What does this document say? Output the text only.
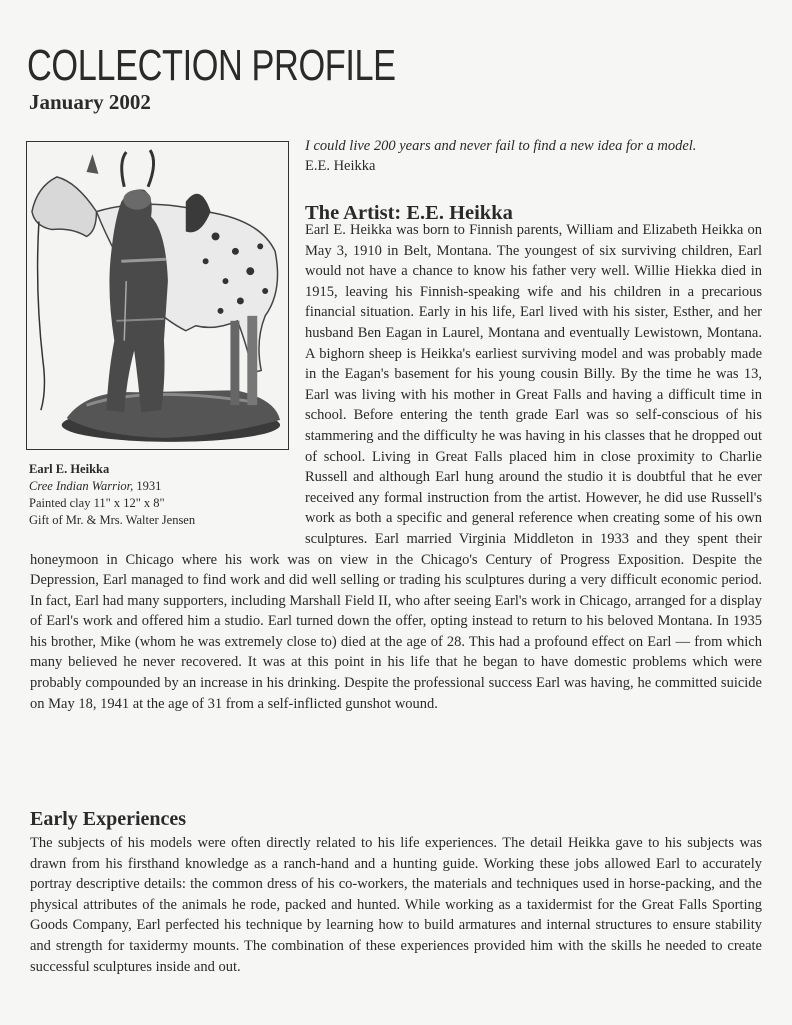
COLLECTION PROFILE
January 2002
Earl E. Heikka
Cree Indian Warrior, 1931
Painted clay 11" x 12" x 8"
Gift of Mr. & Mrs. Walter Jensen
I could live 200 years and never fail to find a new idea for a model.
E.E. Heikka
The Artist: E.E. Heikka
Earl E. Heikka was born to Finnish parents, William and Elizabeth Heikka on May 3, 1910 in Belt, Montana. The youngest of six surviving children, Earl would not have a chance to know his father very well. Willie Hiekka died in 1915, leaving his Finnish-speaking wife and his children in a precarious financial situation. Early in his life, Earl lived with his sister, Esther, and her husband Ben Eagan in Laurel, Montana and eventually Lewistown, Montana. A bighorn sheep is Heikka's earliest surviving model and was probably made in the Eagan's basement for his young cousin Billy. By the time he was 13, Earl was living with his mother in Great Falls and having a difficult time in school. Before entering the tenth grade Earl was so self-conscious of his stammering and the difficulty he was having in his classes that he dropped out of school. Living in Great Falls placed him in close proximity to Charlie Russell and although Earl hung around the studio it is doubtful that he ever received any formal instruction from the artist. However, he did use Russell's work as both a specific and general reference when creating some of his own sculptures. Earl married Virginia Middleton in 1933 and they spent their honeymoon in Chicago where his work was on view in the Chicago's Century of Progress Exposition. Despite the Depression, Earl managed to find work and did well selling or trading his sculptures during a very difficult economic period. In fact, Earl had many supporters, including Marshall Field II, who after seeing Earl's work in Chicago, arranged for a display of Earl's work and offered him a studio. Earl turned down the offer, opting instead to return to his beloved Montana. In 1935 his brother, Mike (whom he was extremely close to) died at the age of 28. This had a profound effect on Earl — from which many believed he never recovered. It was at this point in his life that he began to have domestic problems which were probably compounded by an increase in his drinking. Despite the professional success Earl was having, he committed suicide on May 18, 1941 at the age of 31 from a self-inflicted gunshot wound.
Early Experiences
The subjects of his models were often directly related to his life experiences. The detail Heikka gave to his subjects was drawn from his firsthand knowledge as a ranch-hand and a hunting guide. Working these jobs allowed Earl to accurately portray descriptive details: the common dress of his co-workers, the materials and techniques used in horse-packing, and the physical attributes of the animals he rode, packed and hunted. While working as a taxidermist for the Great Falls Sporting Goods Company, Earl perfected his technique by learning how to build armatures and internal structures to ensure stability and strength for taxidermy mounts. The combination of these experiences provided him with the skills he needed to create successful sculptures inside and out.
